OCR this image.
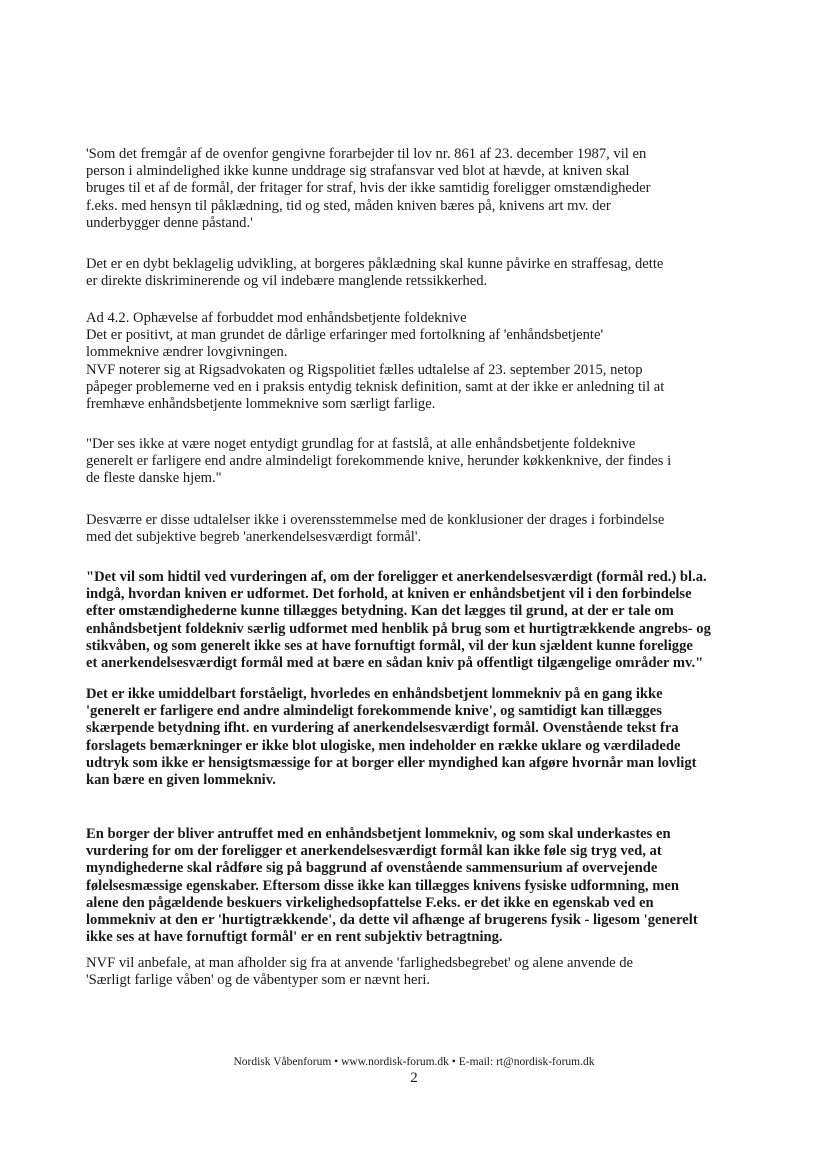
'Som det fremgår af de ovenfor gengivne forarbejder til lov nr. 861 af 23. december 1987, vil en
person i almindelighed ikke kunne unddrage sig strafansvar ved blot at hævde, at kniven skal
bruges til et af de formål, der fritager for straf, hvis der ikke samtidig foreligger omstændigheder
f.eks. med hensyn til påklædning, tid og sted, måden kniven bæres på, knivens art mv. der
underbygger denne påstand.'
Det er en dybt beklagelig udvikling, at borgeres påklædning skal kunne påvirke en straffesag, dette
er direkte diskriminerende og vil indebære manglende retssikkerhed.
Ad 4.2. Ophævelse af forbuddet mod enhåndsbetjente foldeknive
Det er positivt, at man grundet de dårlige erfaringer med fortolkning af 'enhåndsbetjente'
lommeknive ændrer lovgivningen.
NVF noterer sig at Rigsadvokaten og Rigspolitiet fælles udtalelse af 23. september 2015, netop
påpeger problemerne ved en i praksis entydig teknisk definition, samt at der ikke er anledning til at
fremhæve enhåndsbetjente lommeknive som særligt farlige.
"Der ses ikke at være noget entydigt grundlag for at fastslå, at alle enhåndsbetjente foldeknive
generelt er farligere end andre almindeligt forekommende knive, herunder køkkenknive, der findes i
de fleste danske hjem."
Desværre er disse udtalelser ikke i overensstemmelse med de konklusioner der drages i forbindelse
med det subjektive begreb 'anerkendelsesværdigt formål'.
"Det vil som hidtil ved vurderingen af, om der foreligger et anerkendelsesværdigt (formål red.) bl.a.
indgå, hvordan kniven er udformet. Det forhold, at kniven er enhåndsbetjent vil i den forbindelse
efter omstændighederne kunne tillægges betydning. Kan det lægges til grund, at der er tale om
enhåndsbetjent foldekniv særlig udformet med henblik på brug som et hurtigtrækkende angrebs- og
stikvåben, og som generelt ikke ses at have fornuftigt formål, vil der kun sjældent kunne foreligge
et anerkendelsesværdigt formål med at bære en sådan kniv på offentligt tilgængelige områder mv."
Det er ikke umiddelbart forståeligt, hvorledes en enhåndsbetjent lommekniv på en gang ikke
'generelt er farligere end andre almindeligt forekommende knive', og samtidigt kan tillægges
skærpende betydning ifht. en vurdering af anerkendelsesværdigt formål. Ovenstående tekst fra
forslagets bemærkninger er ikke blot ulogiske, men indeholder en række uklare og værdiladede
udtryk som ikke er hensigtsmæssige for at borger eller myndighed kan afgøre hvornår man lovligt
kan bære en given lommekniv.
En borger der bliver antruffet med en enhåndsbetjent lommekniv, og som skal underkastes en
vurdering for om der foreligger et anerkendelsesværdigt formål kan ikke føle sig tryg ved, at
myndighederne skal rådføre sig på baggrund af ovenstående sammensurium af overvejende
følelsesmæssige egenskaber. Eftersom disse ikke kan tillægges knivens fysiske udformning, men
alene den pågældende beskuers virkelighedsopfattelse F.eks. er det ikke en egenskab ved en
lommekniv at den er 'hurtigtrækkende', da dette vil afhænge af brugerens fysik - ligesom 'generelt
ikke ses at have fornuftigt formål' er en rent subjektiv betragtning.
NVF vil anbefale, at man afholder sig fra at anvende 'farlighedsbegrebet' og alene anvende de
'Særligt farlige våben' og de våbentyper som er nævnt heri.
Nordisk Våbenforum • www.nordisk-forum.dk • E-mail: rt@nordisk-forum.dk
2
